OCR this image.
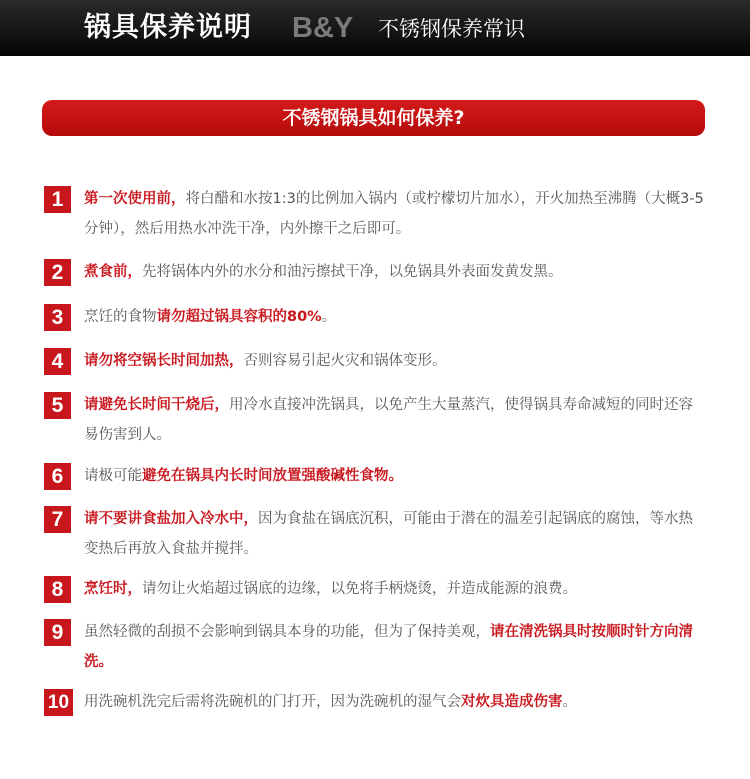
锅具保养说明 B&Y 不锈钢保养常识
不锈钢锅具如何保养?
1	第一次使用前，将白醋和水按1:3的比例加入锅内（或柠檬切片加水），开火加热至沸腾（大概3-5分钟），然后用热水冲洗干净，内外擦干之后即可。
2	煮食前，先将锅体内外的水分和油污擦拭干净，以免锅具外表面发黄发黑。
3	烹饪的食物请勿超过锅具容积的80%。
4	请勿将空锅长时间加热，否则容易引起火灾和锅体变形。
5	请避免长时间干烧后，用冷水直接冲洗锅具，以免产生大量蒸汽，使得锅具寿命减短的同时还容易伤害到人。
6	请极可能避免在锅具内长时间放置强酸碱性食物。
7	请不要讲食盐加入冷水中，因为食盐在锅底沉积，可能由于潜在的温差引起锅底的腐蚀，等水热变热后再放入食盐并搅拌。
8	烹饪时，请勿让火焰超过锅底的边缘，以免将手柄烧烫，并造成能源的浪费。
9	虽然轻微的刮损不会影响到锅具本身的功能，但为了保持美观，请在清洗锅具时按顺时针方向清洗。
10 用洗碗机洗完后需将洗碗机的门打开，因为洗碗机的湿气会对炊具造成伤害。
